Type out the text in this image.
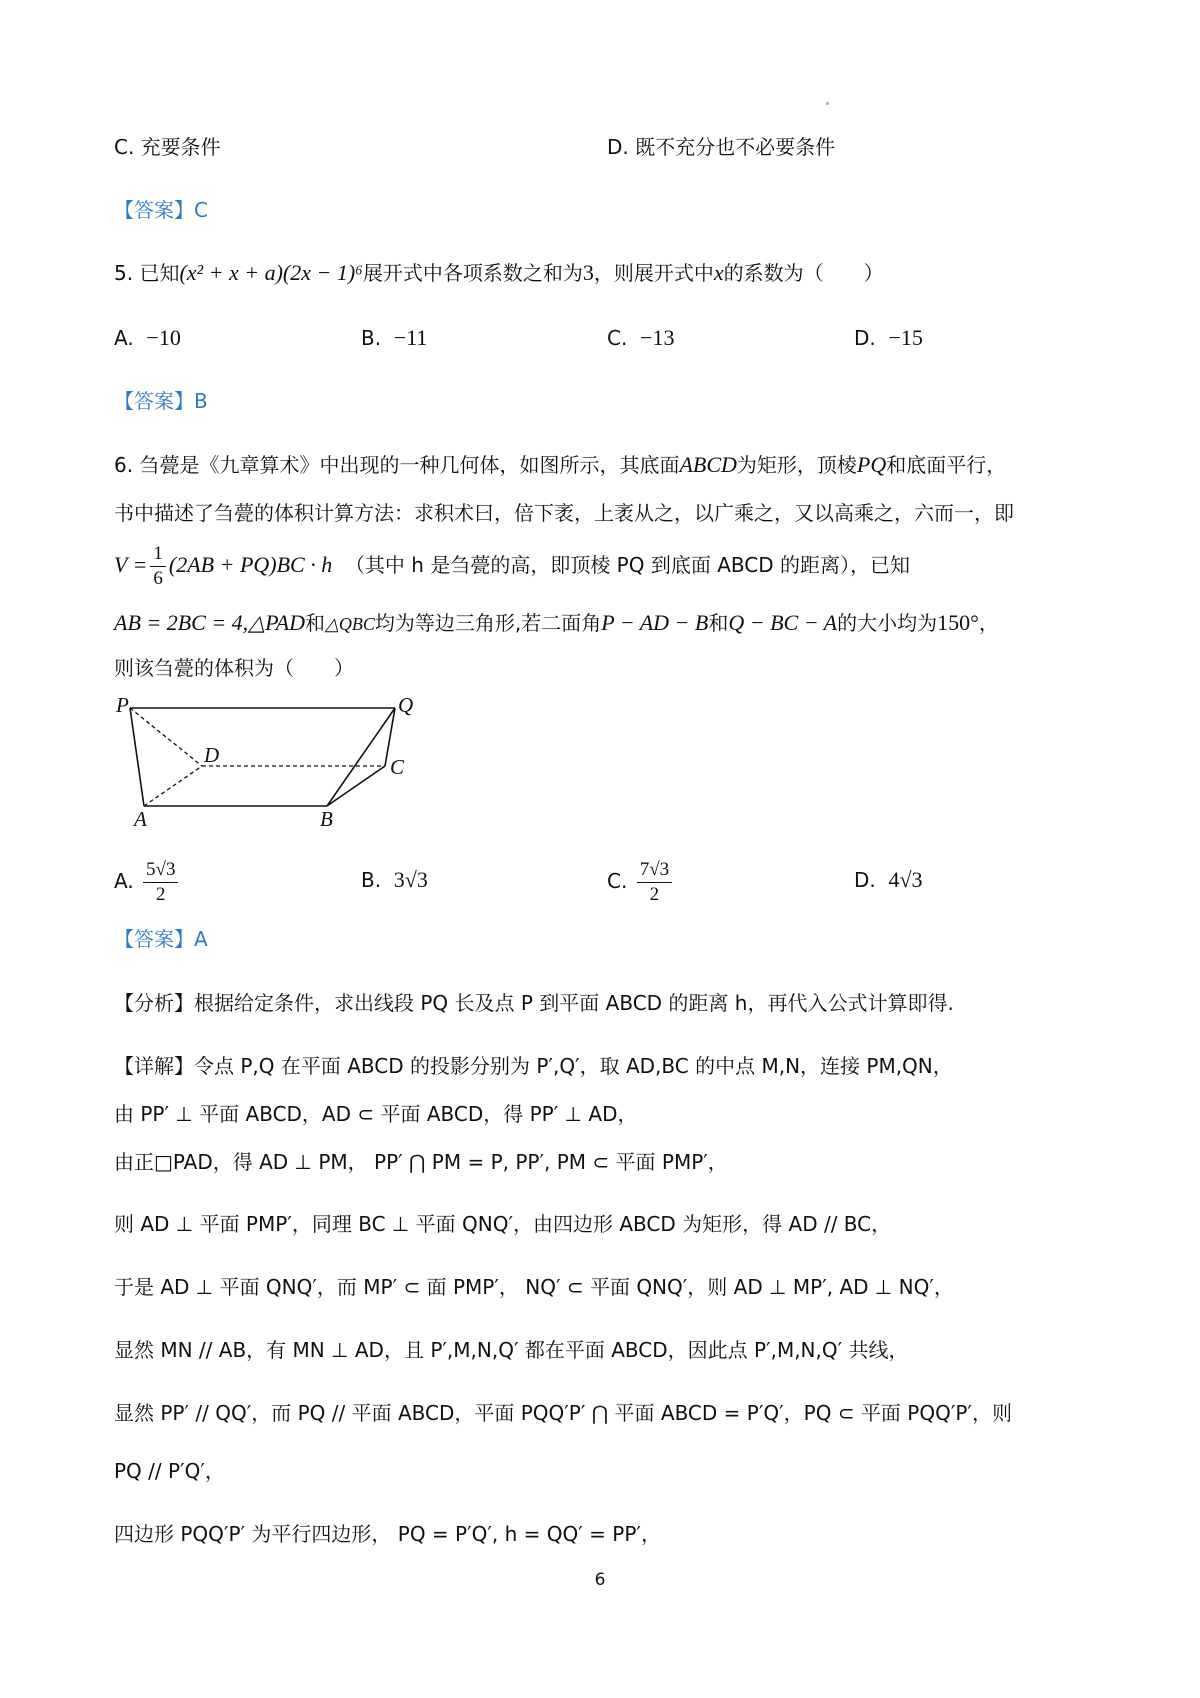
C. 充要条件	D. 既不充分也不必要条件
【答案】C
5. 已知(x² + x + a)(2x − 1)⁶展开式中各项系数之和为3，则展开式中x的系数为（　　）
A. −10	B. −11	C. −13	D. −15
【答案】B
6. 刍甍是《九章算术》中出现的一种几何体，如图所示，其底面ABCD为矩形，顶棱PQ和底面平行，
书中描述了刍甍的体积计算方法：求积术曰，倍下袤，上袤从之，以广乘之，又以高乘之，六而一，即
$V = \frac{1}{6} (2AB + PQ)BC \cdot h$ （其中 h 是刍甍的高，即顶棱 PQ 到底面 ABCD 的距离），已知
AB = 2BC = 4,△PAD和△QBC均为等边三角形,若二面角P − AD − B和Q − BC − A的大小均为150°，
则该刍甍的体积为（　　）
P	Q
D	C
A	B
A. $\frac{5√3}{2}$	B. 3√3	C. $\frac{7√3}{2}$	D. 4√3
【答案】A
【分析】根据给定条件，求出线段 PQ 长及点 P 到平面 ABCD 的距离 h，再代入公式计算即得.
【详解】令点 P,Q 在平面 ABCD 的投影分别为 P′,Q′，取 AD,BC 的中点 M,N，连接 PM,QN，
由 PP′ ⊥ 平面 ABCD，AD ⊂ 平面 ABCD，得 PP′ ⊥ AD，
由正□PAD，得 AD ⊥ PM， PP′ ⋂ PM = P, PP′, PM ⊂ 平面 PMP′，
则 AD ⊥ 平面 PMP′，同理 BC ⊥ 平面 QNQ′，由四边形 ABCD 为矩形，得 AD // BC，
于是 AD ⊥ 平面 QNQ′，而 MP′ ⊂ 面 PMP′， NQ′ ⊂ 平面 QNQ′，则 AD ⊥ MP′, AD ⊥ NQ′，
显然 MN // AB，有 MN ⊥ AD，且 P′,M,N,Q′ 都在平面 ABCD，因此点 P′,M,N,Q′ 共线，
显然 PP′ // QQ′，而 PQ // 平面 ABCD，平面 PQQ′P′ ⋂ 平面 ABCD = P′Q′，PQ ⊂ 平面 PQQ′P′，则
PQ // P′Q′，
四边形 PQQ′P′ 为平行四边形， PQ = P′Q′, h = QQ′ = PP′，
6
